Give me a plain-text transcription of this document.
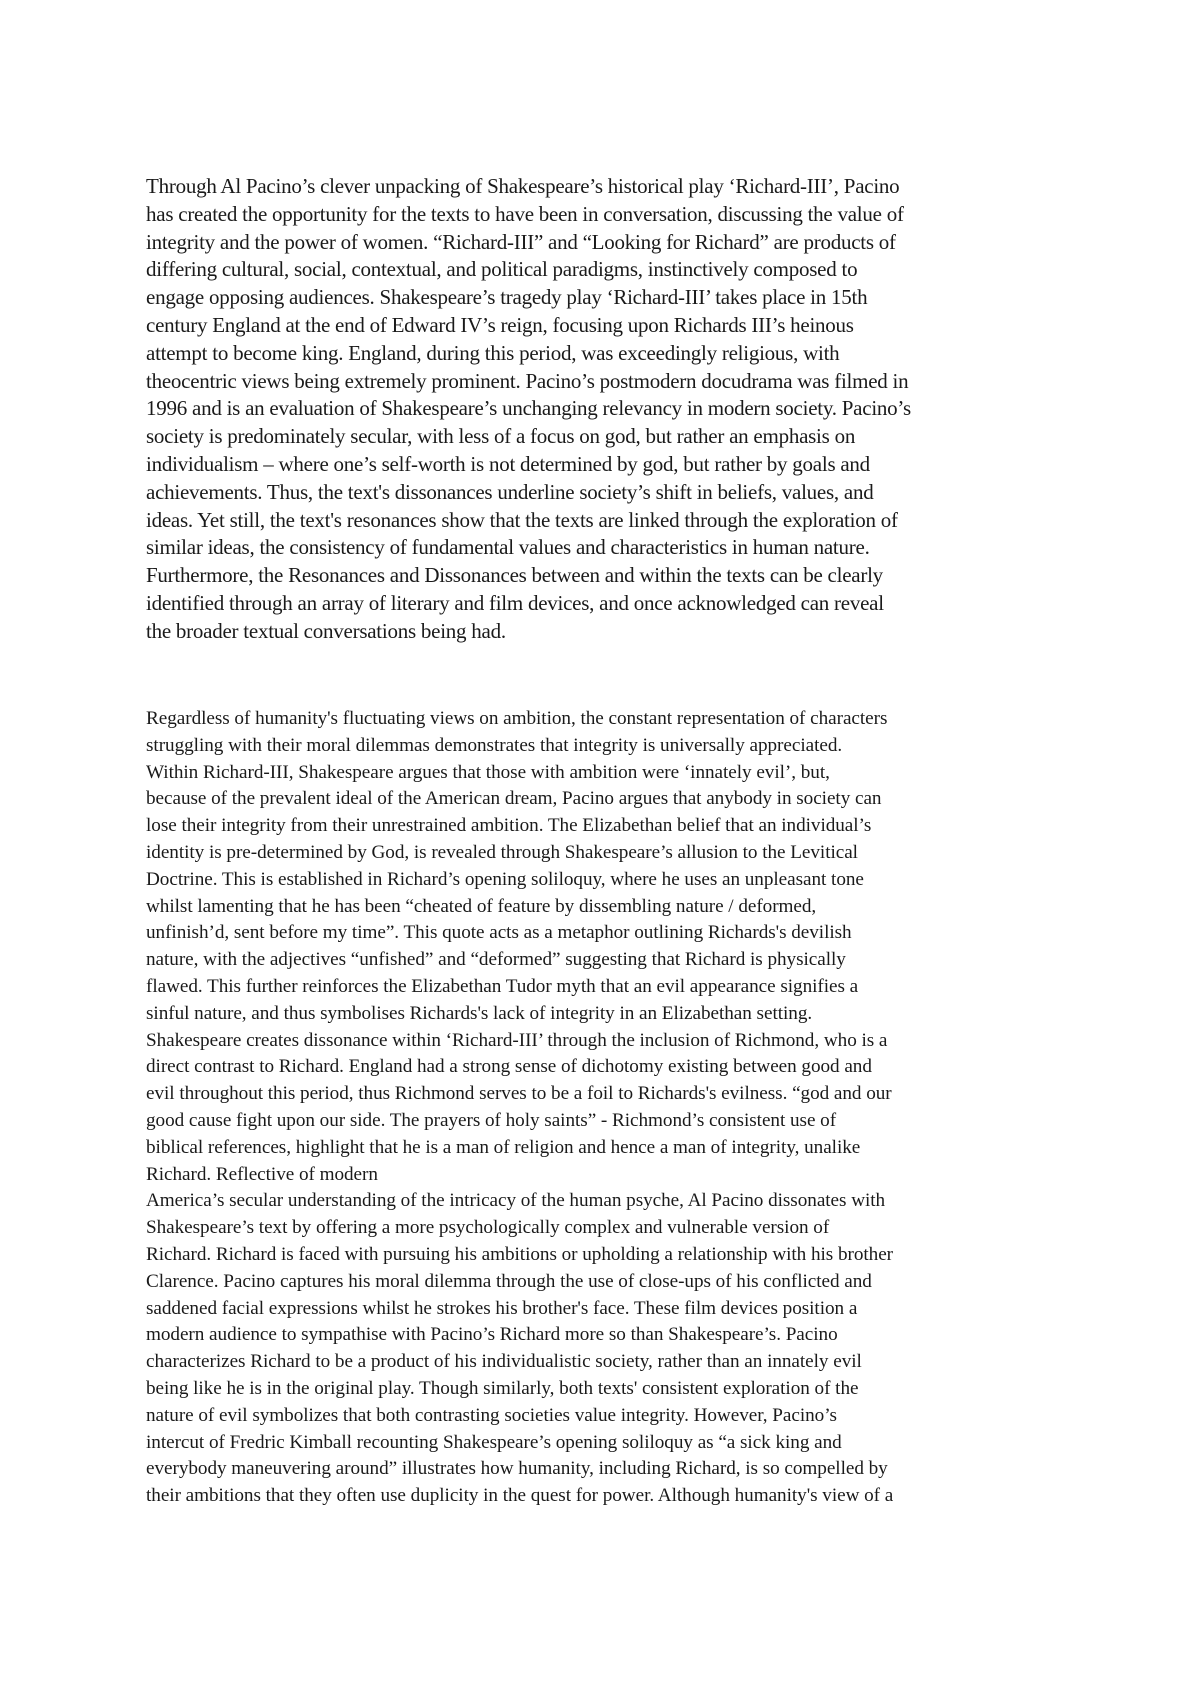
Through Al Pacino’s clever unpacking of Shakespeare’s historical play ‘Richard-III’, Pacino
has created the opportunity for the texts to have been in conversation, discussing the value of
integrity and the power of women. “Richard-III” and “Looking for Richard” are products of
differing cultural, social, contextual, and political paradigms, instinctively composed to
engage opposing audiences. Shakespeare’s tragedy play ‘Richard-III’ takes place in 15th
century England at the end of Edward IV’s reign, focusing upon Richards III’s heinous
attempt to become king. England, during this period, was exceedingly religious, with
theocentric views being extremely prominent. Pacino’s postmodern docudrama was filmed in
1996 and is an evaluation of Shakespeare’s unchanging relevancy in modern society. Pacino’s
society is predominately secular, with less of a focus on god, but rather an emphasis on
individualism – where one’s self-worth is not determined by god, but rather by goals and
achievements. Thus, the text's dissonances underline society’s shift in beliefs, values, and
ideas. Yet still, the text's resonances show that the texts are linked through the exploration of
similar ideas, the consistency of fundamental values and characteristics in human nature.
Furthermore, the Resonances and Dissonances between and within the texts can be clearly
identified through an array of literary and film devices, and once acknowledged can reveal
the broader textual conversations being had.
Regardless of humanity's fluctuating views on ambition, the constant representation of characters
struggling with their moral dilemmas demonstrates that integrity is universally appreciated.
Within Richard-III, Shakespeare argues that those with ambition were ‘innately evil’, but,
because of the prevalent ideal of the American dream, Pacino argues that anybody in society can
lose their integrity from their unrestrained ambition. The Elizabethan belief that an individual’s
identity is pre-determined by God, is revealed through Shakespeare’s allusion to the Levitical
Doctrine. This is established in Richard’s opening soliloquy, where he uses an unpleasant tone
whilst lamenting that he has been “cheated of feature by dissembling nature / deformed,
unfinish’d, sent before my time”. This quote acts as a metaphor outlining Richards's devilish
nature, with the adjectives “unfished” and “deformed” suggesting that Richard is physically
flawed. This further reinforces the Elizabethan Tudor myth that an evil appearance signifies a
sinful nature, and thus symbolises Richards's lack of integrity in an Elizabethan setting.
Shakespeare creates dissonance within ‘Richard-III’ through the inclusion of Richmond, who is a
direct contrast to Richard. England had a strong sense of dichotomy existing between good and
evil throughout this period, thus Richmond serves to be a foil to Richards's evilness. “god and our
good cause fight upon our side. The prayers of holy saints” - Richmond’s consistent use of
biblical references, highlight that he is a man of religion and hence a man of integrity, unalike
Richard. Reflective of modern
America’s secular understanding of the intricacy of the human psyche, Al Pacino dissonates with
Shakespeare’s text by offering a more psychologically complex and vulnerable version of
Richard. Richard is faced with pursuing his ambitions or upholding a relationship with his brother
Clarence. Pacino captures his moral dilemma through the use of close-ups of his conflicted and
saddened facial expressions whilst he strokes his brother's face. These film devices position a
modern audience to sympathise with Pacino’s Richard more so than Shakespeare’s. Pacino
characterizes Richard to be a product of his individualistic society, rather than an innately evil
being like he is in the original play. Though similarly, both texts' consistent exploration of the
nature of evil symbolizes that both contrasting societies value integrity. However, Pacino’s
intercut of Fredric Kimball recounting Shakespeare’s opening soliloquy as “a sick king and
everybody maneuvering around” illustrates how humanity, including Richard, is so compelled by
their ambitions that they often use duplicity in the quest for power. Although humanity's view of a
